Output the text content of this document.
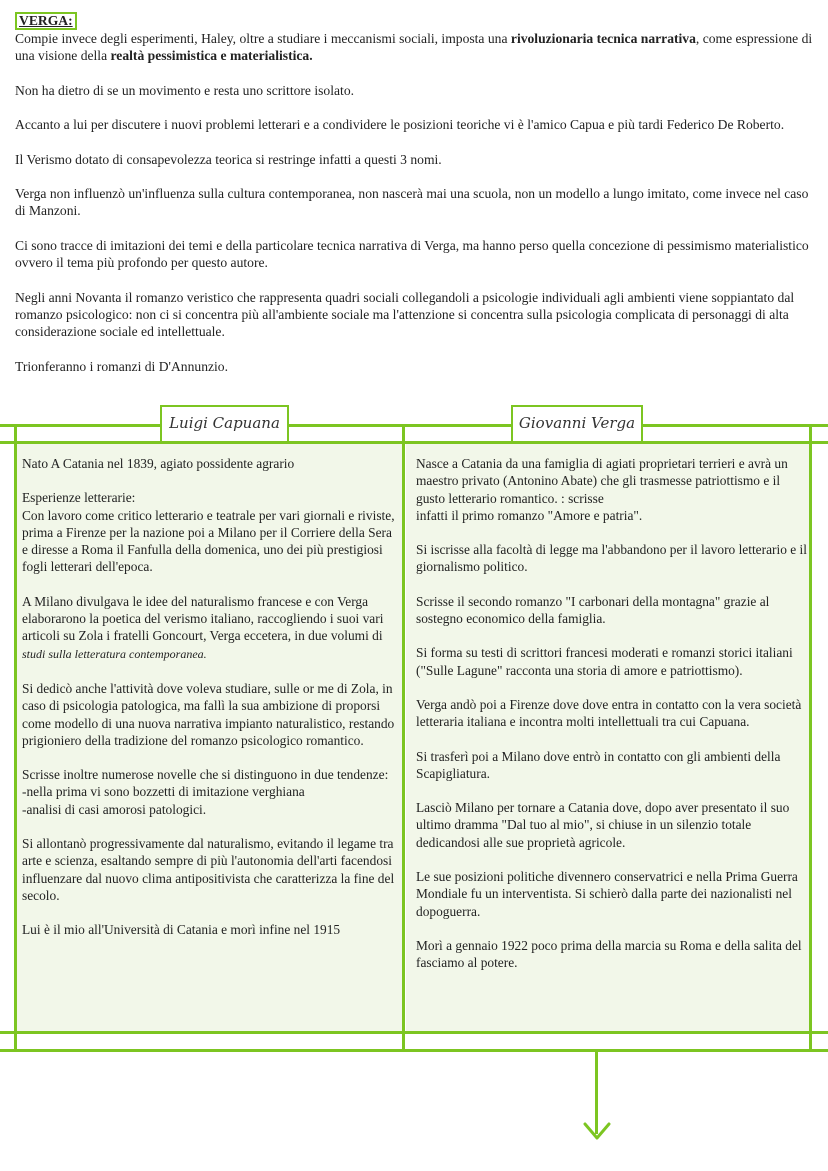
VERGA:

Compie invece degli esperimenti, Haley, oltre a studiare i meccanismi sociali, imposta una rivoluzionaria tecnica narrativa, come espressione di una visione della realtà pessimistica e materialistica.

Non ha dietro di se un movimento e resta uno scrittore isolato.

Accanto a lui per discutere i nuovi problemi letterari e a condividere le posizioni teoriche vi è l'amico Capua e più tardi Federico De Roberto.

Il Verismo dotato di consapevolezza teorica si restringe infatti a questi 3 nomi.

Verga non influenzò un'influenza sulla cultura contemporanea, non nascerà mai una scuola, non un modello a lungo imitato, come invece nel caso di Manzoni.

Ci sono tracce di imitazioni dei temi e della particolare tecnica narrativa di Verga, ma hanno perso quella concezione di pessimismo materialistico ovvero il tema più profondo per questo autore.

Negli anni Novanta il romanzo veristico che rappresenta quadri sociali collegandoli a psicologie individuali agli ambienti viene soppiantato dal romanzo psicologico: non ci si concentra più all'ambiente sociale ma l'attenzione si concentra sulla psicologia complicata di personaggi di alta considerazione sociale ed intellettuale.

Trionferanno i romanzi di D'Annunzio.

Luigi Capuana	Giovanni Verga

Nato A Catania nel 1839, agiato possidente agrario

Esperienze letterarie:
Con lavoro come critico letterario e teatrale per vari giornali e riviste, prima a Firenze per la nazione poi a Milano per il Corriere della Sera e diresse a Roma il Fanfulla della domenica, uno dei più prestigiosi fogli letterari dell'epoca.

A Milano divulgava le idee del naturalismo francese e con Verga elaborarono la poetica del verismo italiano, raccogliendo i suoi vari articoli su Zola i fratelli Goncourt, Verga eccetera, in due volumi di studi sulla letteratura contemporanea.

Si dedicò anche l'attività dove voleva studiare, sulle or me di Zola, in caso di psicologia patologica, ma fallì la sua ambizione di proporsi come modello di una nuova narrativa impianto naturalistico, restando prigioniero della tradizione del romanzo psicologico romantico.

Scrisse inoltre numerose novelle che si distinguono in due tendenze:
-nella prima vi sono bozzetti di imitazione verghiana
-analisi di casi amorosi patologici.

Si allontanò progressivamente dal naturalismo, evitando il legame tra arte e scienza, esaltando sempre di più l'autonomia dell'arti facendosi influenzare dal nuovo clima antipositivista che caratterizza la fine del secolo.

Lui è il mio all'Università di Catania e morì infine nel 1915

Nasce a Catania da una famiglia di agiati proprietari terrieri e avrà un maestro privato (Antonino Abate) che gli trasmesse patriottismo e il gusto letterario romantico. : scrisse
infatti il primo romanzo "Amore e patria".

Si iscrisse alla facoltà di legge ma l'abbandono per il lavoro letterario e il giornalismo politico.

Scrisse il secondo romanzo "I carbonari della montagna" grazie al sostegno economico della famiglia.

Si forma su testi di scrittori francesi moderati e romanzi storici italiani ("Sulle Lagune" racconta una storia di amore e patriottismo).

Verga andò poi a Firenze dove dove entra in contatto con la vera società letteraria italiana e incontra molti intellettuali tra cui Capuana.

Si trasferì poi a Milano dove entrò in contatto con gli ambienti della Scapigliatura.

Lasciò Milano per tornare a Catania dove, dopo aver presentato il suo ultimo dramma "Dal tuo al mio", si chiuse in un silenzio totale dedicandosi alle sue proprietà agricole.

Le sue posizioni politiche divennero conservatrici e nella Prima Guerra Mondiale fu un interventista. Si schierò dalla parte dei nazionalisti nel dopoguerra.

Morì a gennaio 1922 poco prima della marcia su Roma e della salita del fasciamo al potere.
